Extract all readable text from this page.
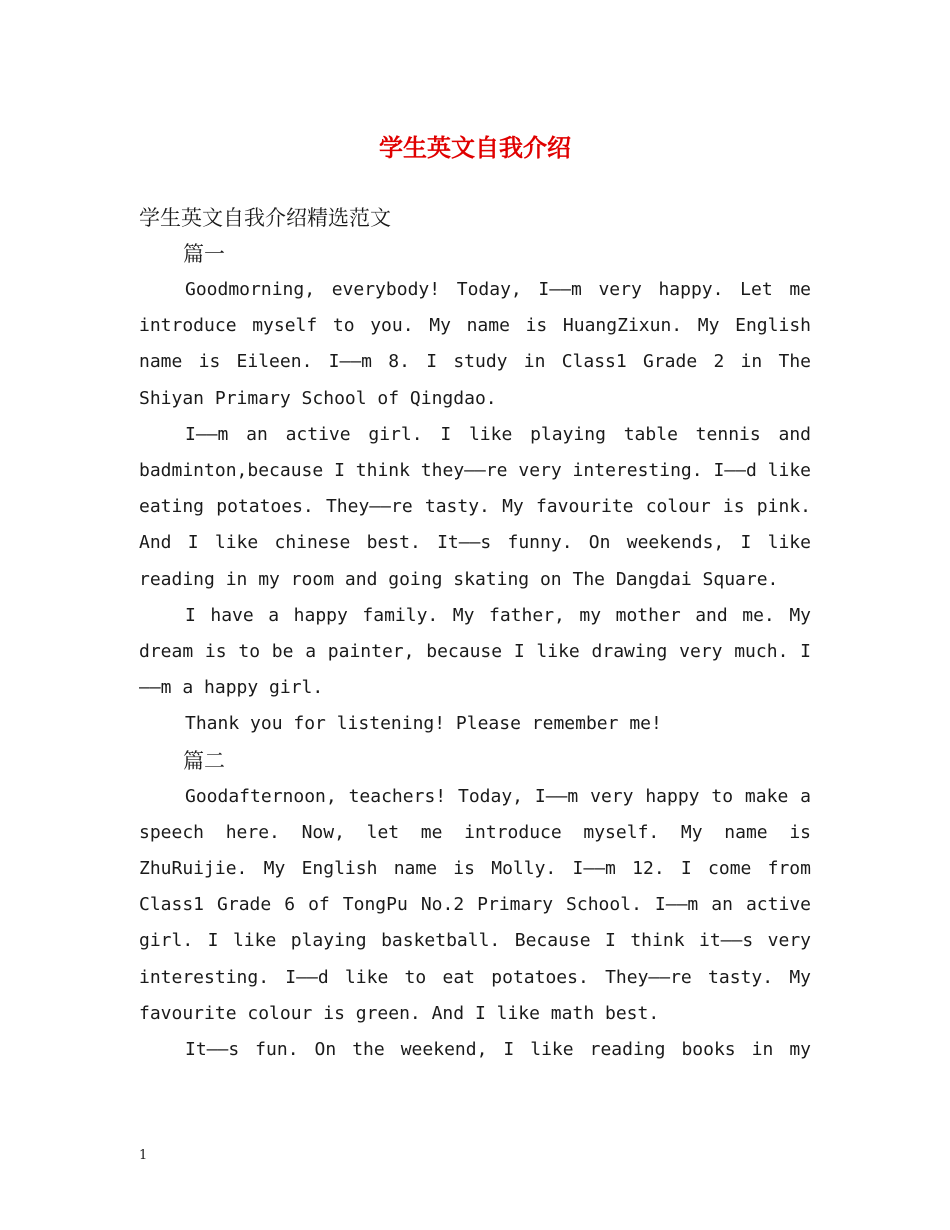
学生英文自我介绍
学生英文自我介绍精选范文
篇一

Goodmorning, everybody! Today, I——m very happy. Let me introduce myself to you. My name is HuangZixun. My English name is Eileen. I——m 8. I study in Class1 Grade 2 in The Shiyan Primary School of Qingdao.

I——m an active girl. I like playing table tennis and badminton,because I think they——re very interesting. I——d like eating potatoes. They——re tasty. My favourite colour is pink. And I like chinese best. It——s funny. On weekends, I like reading in my room and going skating on The Dangdai Square.

I have a happy family. My father, my mother and me. My dream is to be a painter, because I like drawing very much. I ——m a happy girl.

Thank you for listening! Please remember me!

篇二

Goodafternoon, teachers! Today, I——m very happy to make a speech here. Now, let me introduce myself. My name is ZhuRuijie. My English name is Molly. I——m 12. I come from Class1 Grade 6 of TongPu No.2 Primary School. I——m an active girl. I like playing basketball. Because I think it——s very interesting. I——d like to eat potatoes. They——re tasty. My favourite colour is green. And I like math best.

It——s fun. On the weekend, I like reading books in my

1
